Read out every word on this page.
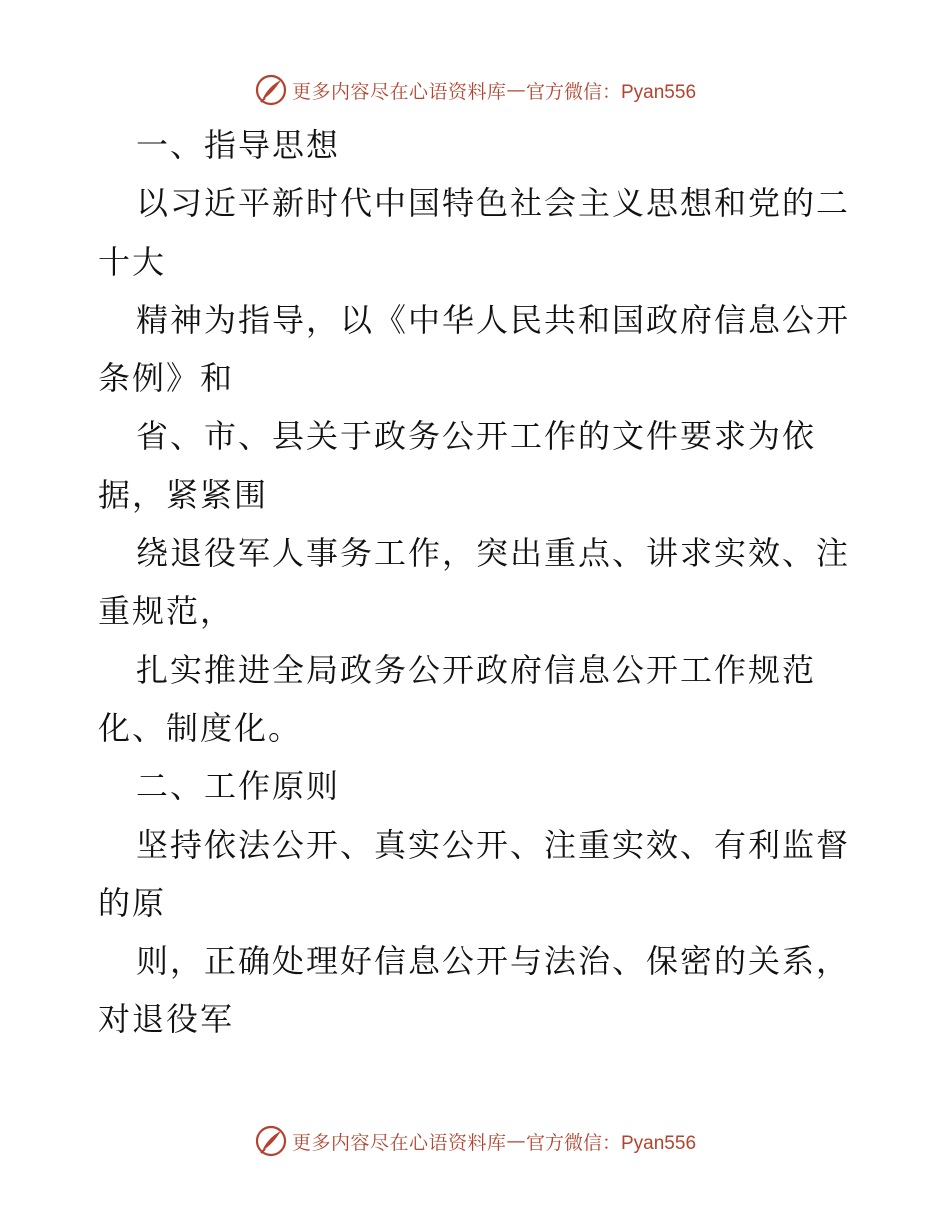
更多内容尽在心语资料库 — 官方微信：Pyan556
一、指导思想
以习近平新时代中国特色社会主义思想和党的二
十大
精神为指导，以《中华人民共和国政府信息公开
条例》和
省、市、县关于政务公开工作的文件要求为依
据，紧紧围
绕退役军人事务工作，突出重点、讲求实效、注
重规范，
扎实推进全局政务公开政府信息公开工作规范
化、制度化。
二、工作原则
坚持依法公开、真实公开、注重实效、有利监督
的原
则，正确处理好信息公开与法治、保密的关系，
对退役军
更多内容尽在心语资料库 — 官方微信：Pyan556
